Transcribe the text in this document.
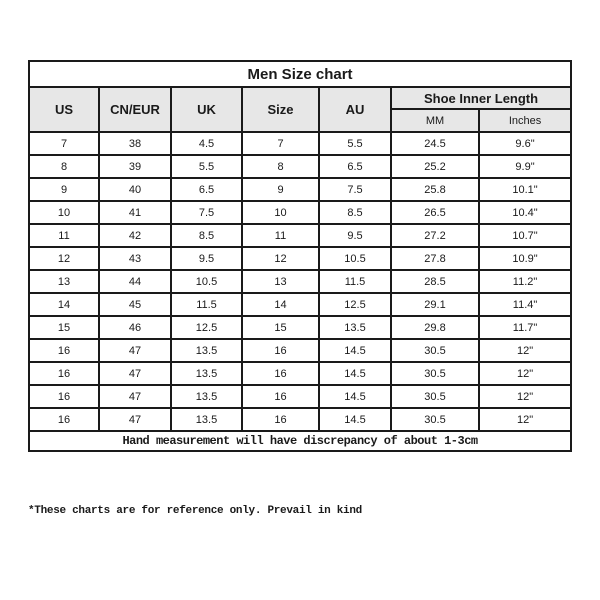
Men Size chart						
US	CN/EUR	UK	Size	AU	Shoe Inner Length	
					MM	Inches
7	38	4.5	7	5.5	24.5	9.6"
8	39	5.5	8	6.5	25.2	9.9"
9	40	6.5	9	7.5	25.8	10.1"
10	41	7.5	10	8.5	26.5	10.4"
11	42	8.5	11	9.5	27.2	10.7"
12	43	9.5	12	10.5	27.8	10.9"
13	44	10.5	13	11.5	28.5	11.2"
14	45	11.5	14	12.5	29.1	11.4"
15	46	12.5	15	13.5	29.8	11.7"
16	47	13.5	16	14.5	30.5	12"
16	47	13.5	16	14.5	30.5	12"
16	47	13.5	16	14.5	30.5	12"
16	47	13.5	16	14.5	30.5	12"
Hand measurement will have discrepancy of about 1-3cm						
*These charts are for reference only. Prevail in kind
